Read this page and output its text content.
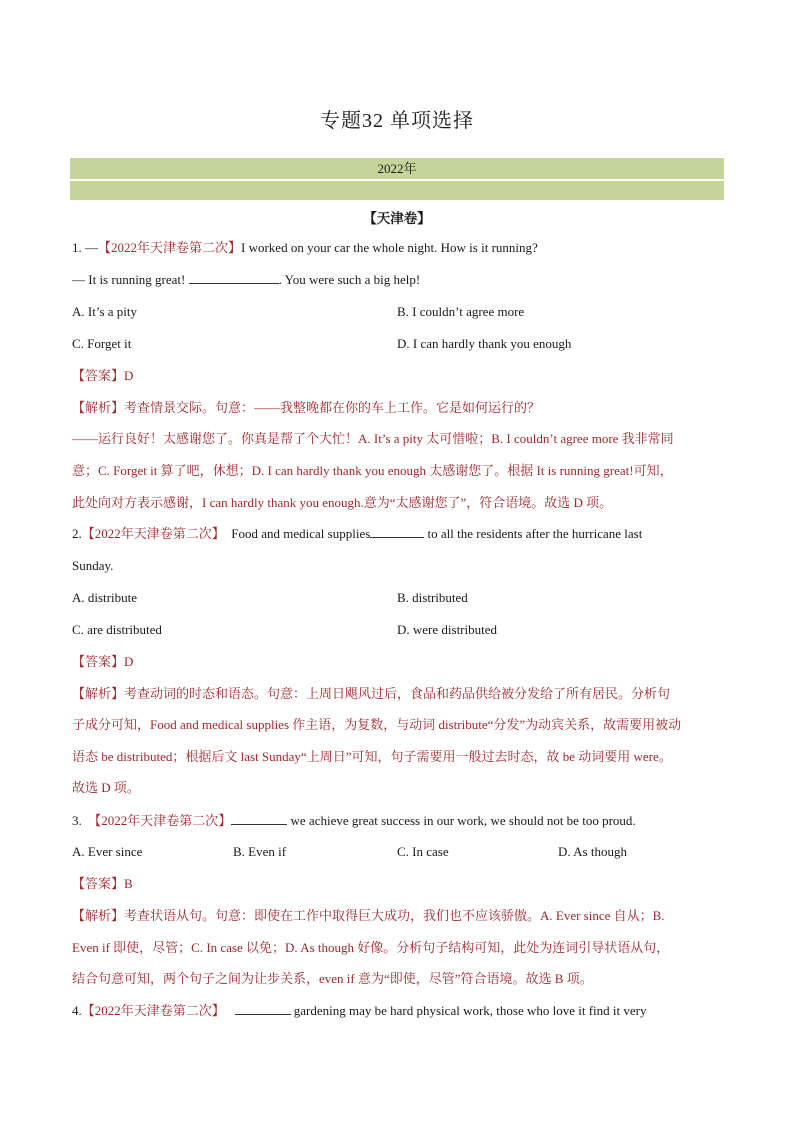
专题32 单项选择
2022年
【天津卷】
1. —【2022年天津卷第二次】I worked on your car the whole night. How is it running?
— It is running great!	. You were such a big help!
A. It’s a pity	B. I couldn’t agree more
C. Forget it	D. I can hardly thank you enough
【答案】D
【解析】考查情景交际。句意：——我整晚都在你的车上工作。它是如何运行的？
——运行良好！太感谢您了。你真是帮了个大忙！A. It’s a pity 太可惜啦；B. I couldn’t agree more 我非常同
意；C. Forget it 算了吧，休想；D. I can hardly thank you enough 太感谢您了。根据 It is running great!可知，
此处向对方表示感谢，I can hardly thank you enough.意为“太感谢您了”，符合语境。故选 D 项。
2.【2022年天津卷第二次】 Food and medical supplies	to all the residents after the hurricane last
Sunday.
A. distribute	B. distributed
C. are distributed	D. were distributed
【答案】D
【解析】考查动词的时态和语态。句意：上周日飓风过后，食品和药品供给被分发给了所有居民。分析句
子成分可知，Food and medical supplies 作主语，为复数，与动词 distribute“分发”为动宾关系，故需要用被动
语态 be distributed；根据后文 last Sunday“上周日”可知，句子需要用一般过去时态，故 be 动词要用 were。
故选 D 项。
3. 【2022年天津卷第二次】	we achieve great success in our work, we should not be too proud.
A. Ever since	B. Even if	C. In case	D. As though
【答案】B
【解析】考查状语从句。句意：即使在工作中取得巨大成功，我们也不应该骄傲。A. Ever since 自从；B.
Even if 即使，尽管；C. In case 以免；D. As though 好像。分析句子结构可知，此处为连词引导状语从句，
结合句意可知，两个句子之间为让步关系，even if 意为“即使，尽管”符合语境。故选 B 项。
4.【2022年天津卷第二次】	gardening may be hard physical work, those who love it find it very
